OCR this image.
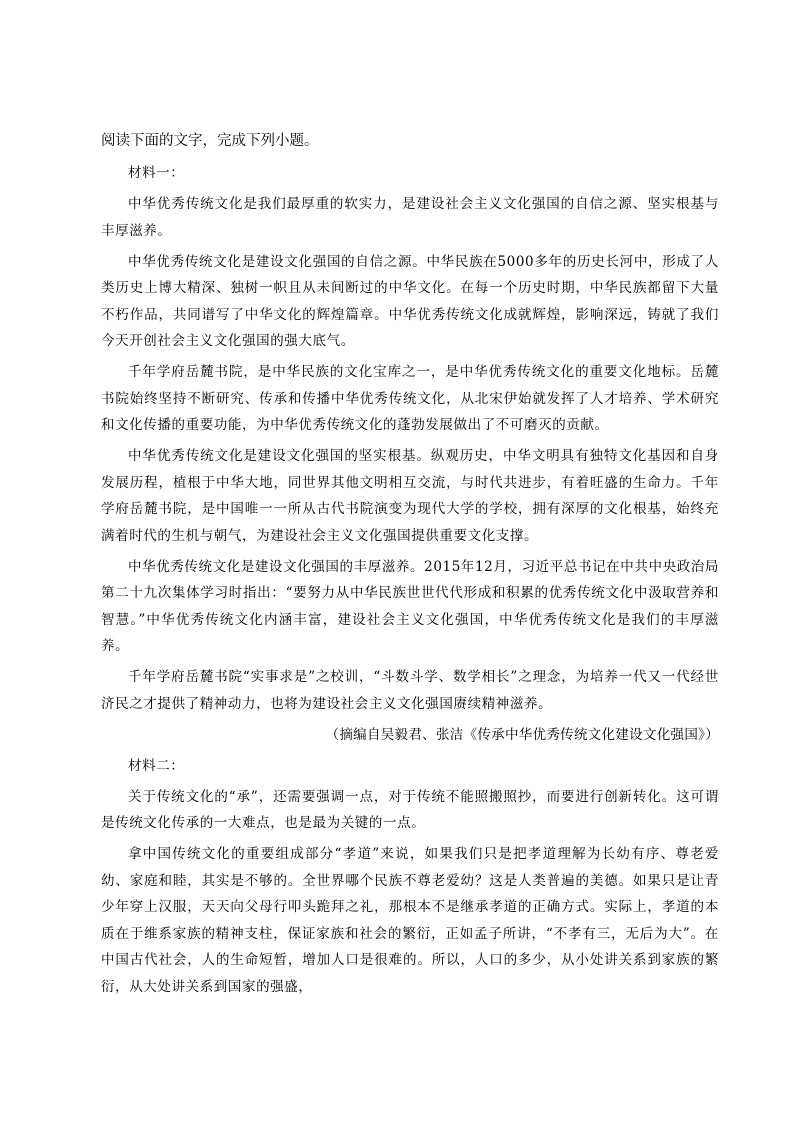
阅读下面的文字，完成下列小题。
材料一：

中华优秀传统文化是我们最厚重的软实力，是建设社会主义文化强国的自信之源、坚实根基与丰厚滋养。

中华优秀传统文化是建设文化强国的自信之源。中华民族在5000多年的历史长河中，形成了人类历史上博大精深、独树一帜且从未间断过的中华文化。在每一个历史时期，中华民族都留下大量不朽作品，共同谱写了中华文化的辉煌篇章。中华优秀传统文化成就辉煌，影响深远，铸就了我们今天开创社会主义文化强国的强大底气。

千年学府岳麓书院，是中华民族的文化宝库之一，是中华优秀传统文化的重要文化地标。岳麓书院始终坚持不断研究、传承和传播中华优秀传统文化，从北宋伊始就发挥了人才培养、学术研究和文化传播的重要功能，为中华优秀传统文化的蓬勃发展做出了不可磨灭的贡献。

中华优秀传统文化是建设文化强国的坚实根基。纵观历史，中华文明具有独特文化基因和自身发展历程，植根于中华大地，同世界其他文明相互交流，与时代共进步，有着旺盛的生命力。千年学府岳麓书院，是中国唯一一所从古代书院演变为现代大学的学校，拥有深厚的文化根基，始终充满着时代的生机与朝气，为建设社会主义文化强国提供重要文化支撑。

中华优秀传统文化是建设文化强国的丰厚滋养。2015年12月，习近平总书记在中共中央政治局第二十九次集体学习时指出：“要努力从中华民族世世代代形成和积累的优秀传统文化中汲取营养和智慧。”中华优秀传统文化内涵丰富，建设社会主义文化强国，中华优秀传统文化是我们的丰厚滋养。

千年学府岳麓书院“实事求是”之校训，“斗数斗学、数学相长”之理念，为培养一代又一代经世济民之才提供了精神动力，也将为建设社会主义文化强国赓续精神滋养。

（摘编自吴毅君、张洁《传承中华优秀传统文化建设文化强国》）
材料二：

关于传统文化的“承”，还需要强调一点，对于传统不能照搬照抄，而要进行创新转化。这可谓是传统文化传承的一大难点，也是最为关键的一点。

拿中国传统文化的重要组成部分“孝道”来说，如果我们只是把孝道理解为长幼有序、尊老爱幼、家庭和睦，其实是不够的。全世界哪个民族不尊老爱幼？这是人类普遍的美德。如果只是让青少年穿上汉服，天天向父母行叩头跪拜之礼，那根本不是继承孝道的正确方式。实际上，孝道的本质在于维系家族的精神支柱，保证家族和社会的繁衍，正如孟子所讲，“不孝有三，无后为大”。在中国古代社会，人的生命短暂，增加人口是很难的。所以，人口的多少，从小处讲关系到家族的繁衍，从大处讲关系到国家的强盛，
